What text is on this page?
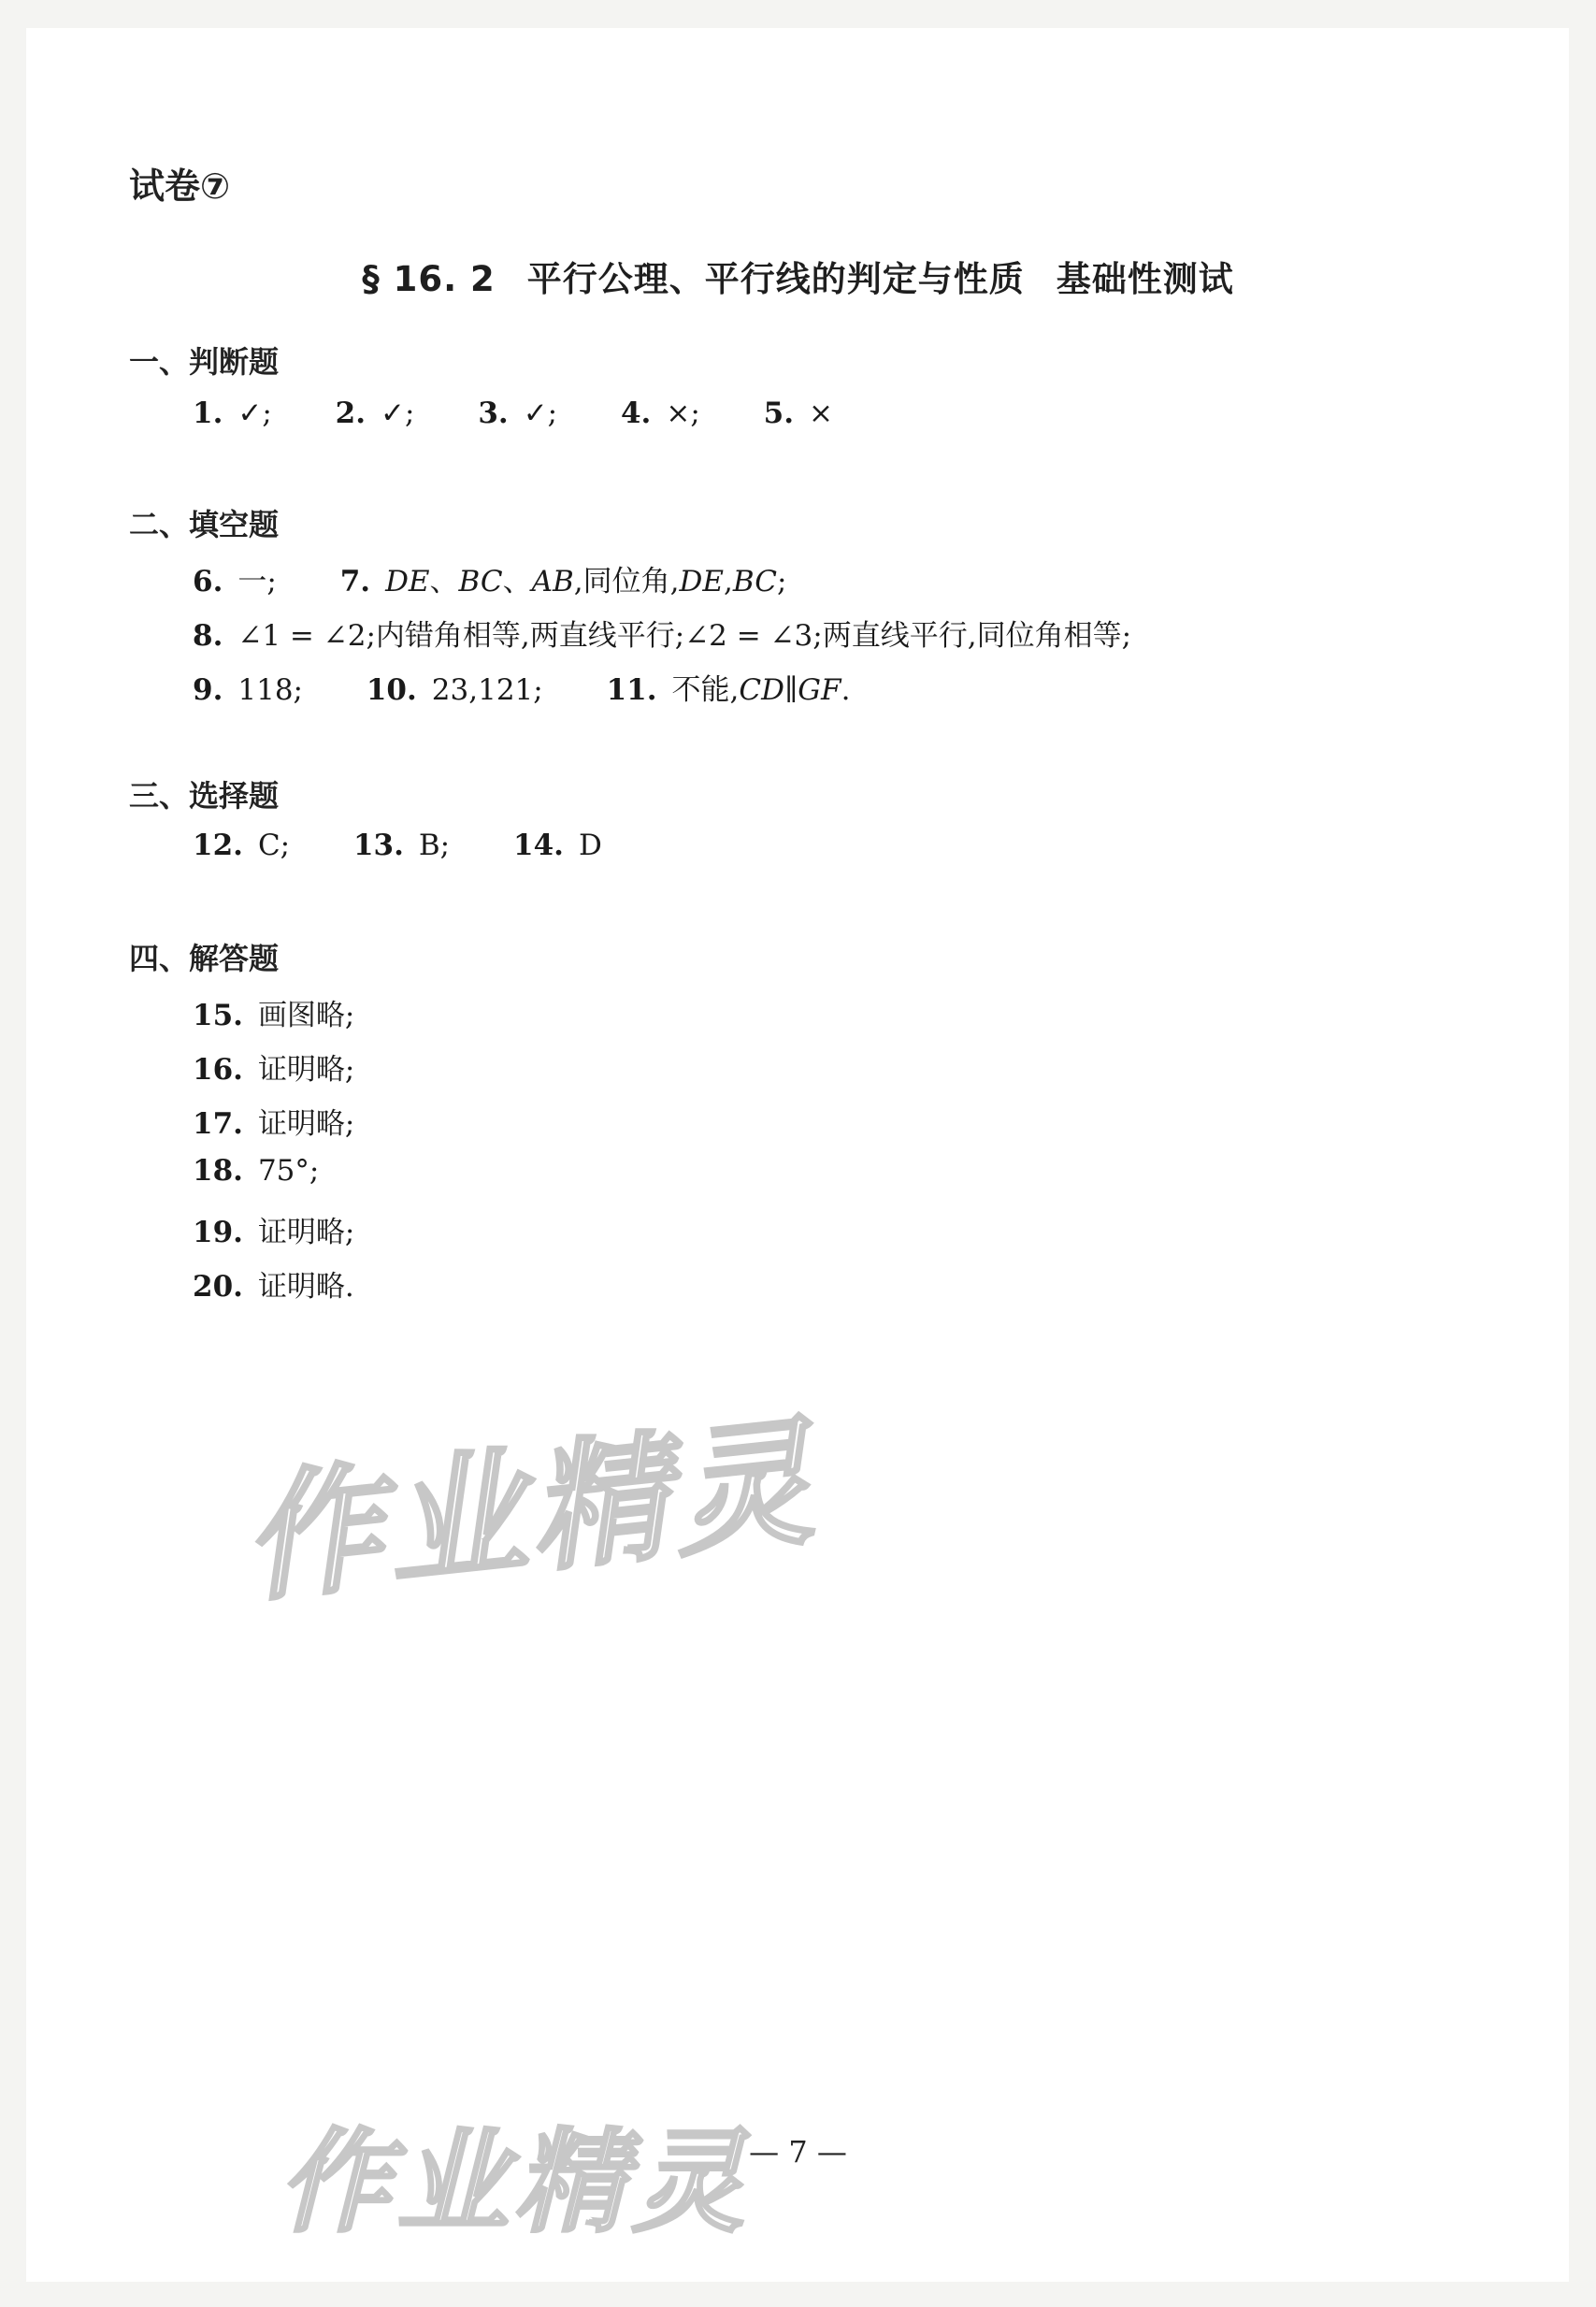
试卷⑦
§ 16. 2 平行公理、平行线的判定与性质 基础性测试
一、判断题
1. ✓; 2. ✓; 3. ✓; 4. ×; 5. ×
二、填空题
6. 一; 7. DE、BC、AB,同位角,DE,BC;
8. ∠1 = ∠2;内错角相等,两直线平行;∠2 = ∠3;两直线平行,同位角相等;
9. 118; 10. 23,121; 11. 不能,CD∥GF.
三、选择题
12. C; 13. B; 14. D
四、解答题
15. 画图略;
16. 证明略;
17. 证明略;
18. 75°;
19. 证明略;
20. 证明略.
作业精灵
作业精灵 — 7 —
